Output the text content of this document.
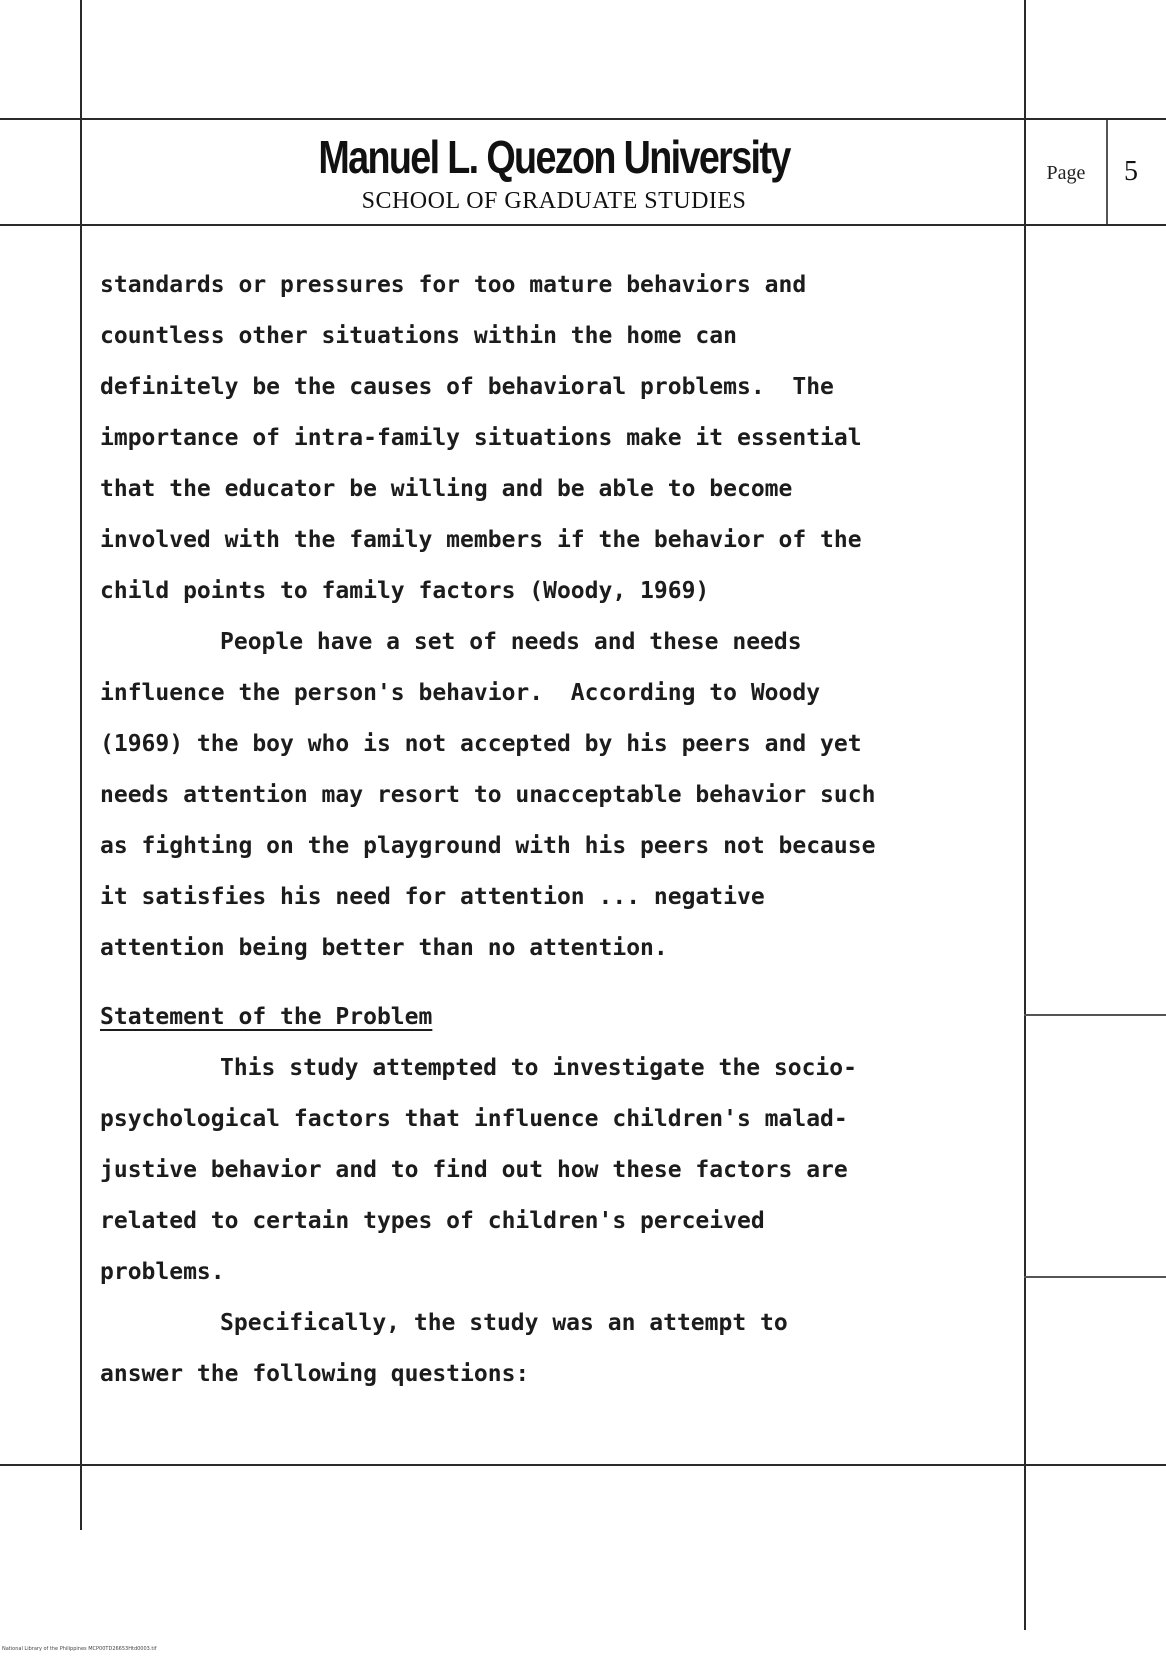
Manuel L. Quezon University
SCHOOL OF GRADUATE STUDIES
Page	5
standards or pressures for too mature behaviors and
countless other situations within the home can
definitely be the causes of behavioral problems.  The
importance of intra-family situations make it essential
that the educator be willing and be able to become
involved with the family members if the behavior of the
child points to family factors (Woody, 1969)
People have a set of needs and these needs
influence the person's behavior.  According to Woody
(1969) the boy who is not accepted by his peers and yet
needs attention may resort to unacceptable behavior such
as fighting on the playground with his peers not because
it satisfies his need for attention ... negative
attention being better than no attention.
Statement of the Problem
This study attempted to investigate the socio-
psychological factors that influence children's malad-
justive behavior and to find out how these factors are
related to certain types of children's perceived
problems.
Specifically, the study was an attempt to
answer the following questions:
National Library of the Philippines MCP00TD26653Htd0003.tif
